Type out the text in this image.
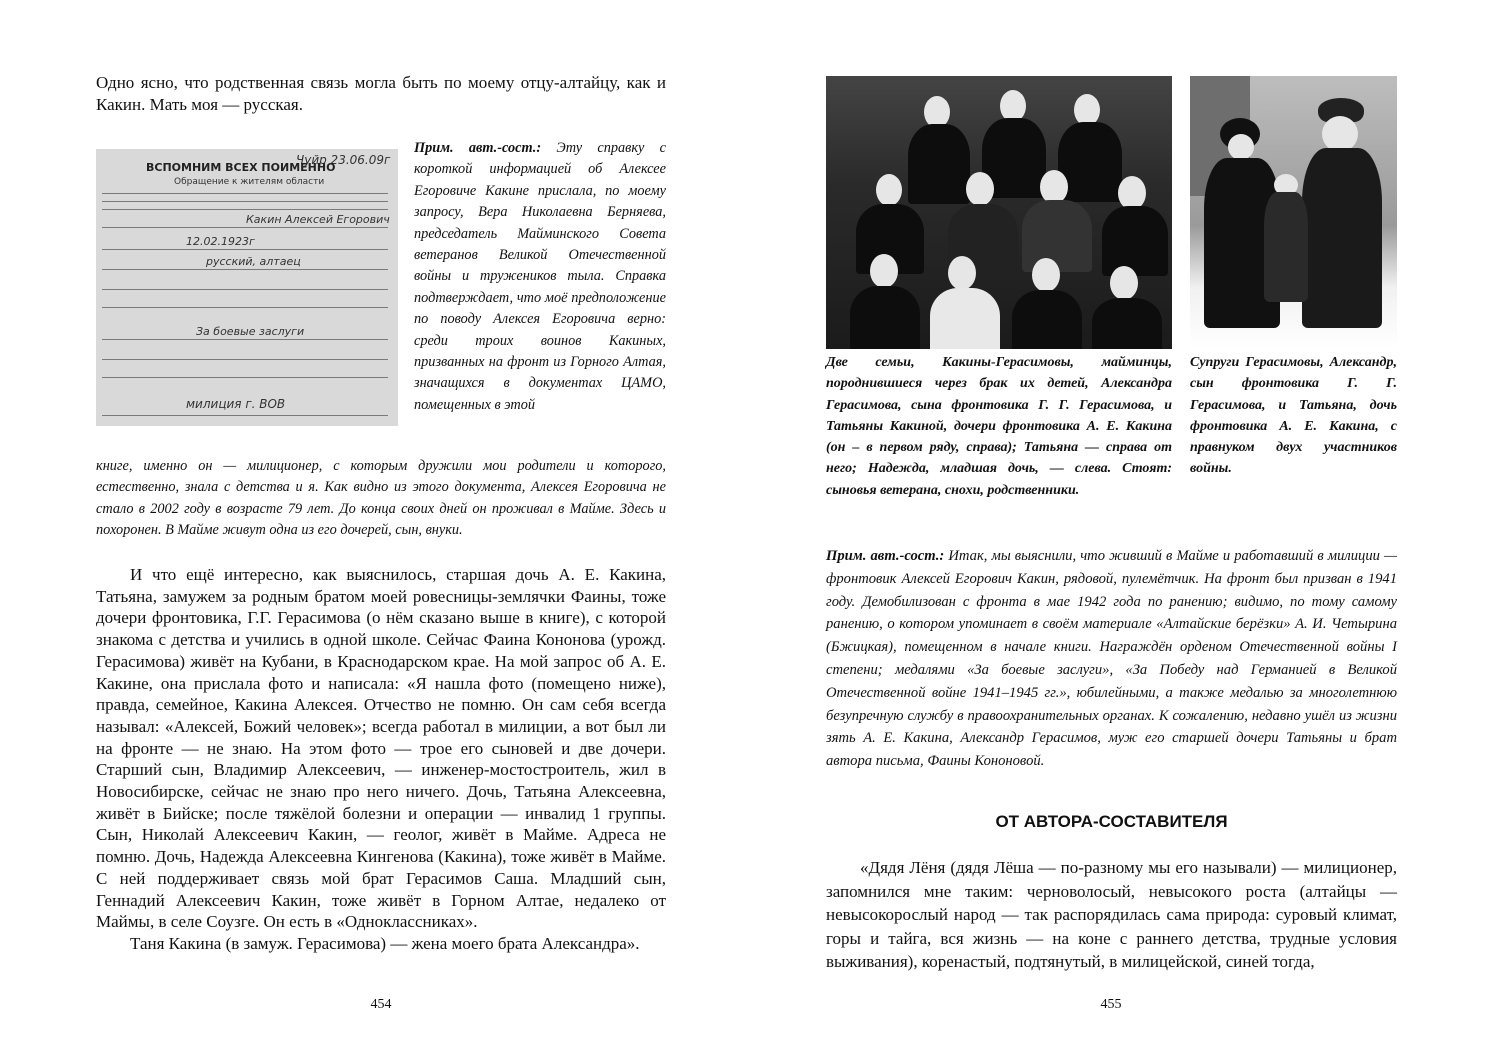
Одно ясно, что родственная связь могла быть по моему отцу-алтайцу, как и Какин. Мать моя — русская.

Чуйр 23.06.09г
ВСПОМНИМ ВСЕХ ПОИМЕННО
Обращение к жителям области
Какин Алексей Егорович
12.02.1923г
русский, алтаец
За боевые заслуги
милиция г. ВОВ

Прим. авт.-сост.: Эту справку с короткой информацией об Алексее Егоровиче Какине прислала, по моему запросу, Вера Николаевна Берняева, председатель Майминского Совета ветеранов Великой Отечественной войны и тружеников тыла. Справка подтверждает, что моё предположение по поводу Алексея Егоровича верно: среди троих воинов Какиных, призванных на фронт из Горного Алтая, значащихся в документах ЦАМО, помещенных в этой

книге, именно он — милиционер, с которым дружили мои родители и которого, естественно, знала с детства и я. Как видно из этого документа, Алексея Егоровича не стало в 2002 году в возрасте 79 лет. До конца своих дней он проживал в Майме. Здесь и похоронен. В Майме живут одна из его дочерей, сын, внуки.

И что ещё интересно, как выяснилось, старшая дочь А. Е. Какина, Татьяна, замужем за родным братом моей ровесницы-землячки Фаины, тоже дочери фронтовика, Г.Г. Герасимова (о нём сказано выше в книге), с которой знакома с детства и учились в одной школе. Сейчас Фаина Кононова (урожд. Герасимова) живёт на Кубани, в Краснодарском крае. На мой запрос об А. Е. Какине, она прислала фото и написала: «Я нашла фото (помещено ниже), правда, семейное, Какина Алексея. Отчество не помню. Он сам себя всегда называл: «Алексей, Божий человек»; всегда работал в милиции, а вот был ли на фронте — не знаю. На этом фото — трое его сыновей и две дочери. Старший сын, Владимир Алексеевич, — инженер-мостостроитель, жил в Новосибирске, сейчас не знаю про него ничего. Дочь, Татьяна Алексеевна, живёт в Бийске; после тяжёлой болезни и операции — инвалид 1 группы. Сын, Николай Алексеевич Какин, — геолог, живёт в Майме. Адреса не помню. Дочь, Надежда Алексеевна Кингенова (Какина), тоже живёт в Майме. С ней поддерживает связь мой брат Герасимов Саша. Младший сын, Геннадий Алексеевич Какин, тоже живёт в Горном Алтае, недалеко от Маймы, в селе Соузге. Он есть в «Одноклассниках».

Таня Какина (в замуж. Герасимова) — жена моего брата Александра».

454

Две семьи, Какины-Герасимовы, майминцы, породнившиеся через брак их детей, Александра Герасимова, сына фронтовика Г. Г. Герасимова, и Татьяны Какиной, дочери фронтовика А. Е. Какина (он – в первом ряду, справа); Татьяна — справа от него; Надежда, младшая дочь, — слева. Стоят: сыновья ветерана, снохи, родственники.

Супруги Герасимовы, Александр, сын фронтовика Г. Г. Герасимова, и Татьяна, дочь фронтовика А. Е. Какина, с правнуком двух участников войны.

Прим. авт.-сост.: Итак, мы выяснили, что живший в Майме и работавший в милиции — фронтовик Алексей Егорович Какин, рядовой, пулемётчик. На фронт был призван в 1941 году. Демобилизован с фронта в мае 1942 года по ранению; видимо, по тому самому ранению, о котором упоминает в своём материале «Алтайские берёзки» А. И. Четырина (Бжицкая), помещенном в начале книги. Награждён орденом Отечественной войны I степени; медалями «За боевые заслуги», «За Победу над Германией в Великой Отечественной войне 1941–1945 гг.», юбилейными, а также медалью за многолетнюю безупречную службу в правоохранительных органах. К сожалению, недавно ушёл из жизни зять А. Е. Какина, Александр Герасимов, муж его старшей дочери Татьяны и брат автора письма, Фаины Кононовой.

ОТ АВТОРА-СОСТАВИТЕЛЯ

«Дядя Лёня (дядя Лёша — по-разному мы его называли) — милиционер, запомнился мне таким: черноволосый, невысокого роста (алтайцы — невысокорослый народ — так распорядилась сама природа: суровый климат, горы и тайга, вся жизнь — на коне с раннего детства, трудные условия выживания), коренастый, подтянутый, в милицейской, синей тогда,

455
